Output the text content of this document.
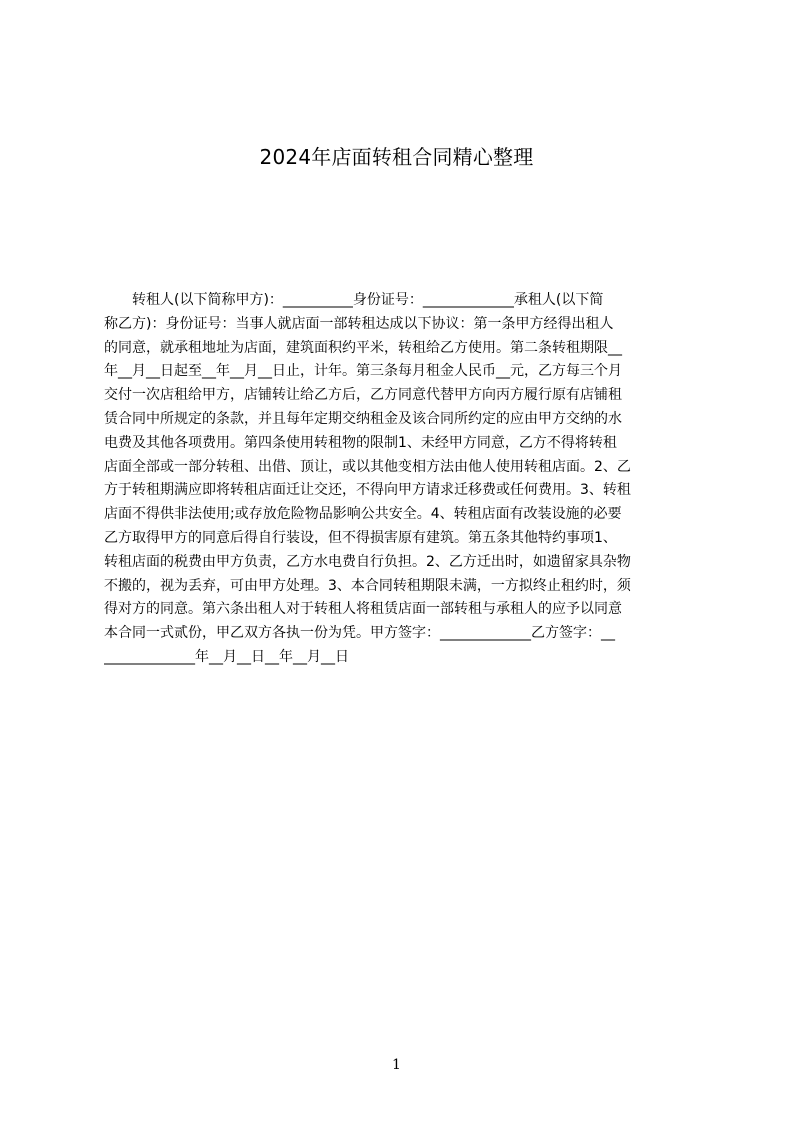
2024年店面转租合同精心整理
　　转租人(以下简称甲方)：__________身份证号：_____________承租人(以下简
称乙方)：身份证号：当事人就店面一部转租达成以下协议：第一条甲方经得出租人
的同意，就承租地址为店面，建筑面积约平米，转租给乙方使用。第二条转租期限__
年__月__日起至__年__月__日止，计年。第三条每月租金人民币__元，乙方每三个月
交付一次店租给甲方，店铺转让给乙方后，乙方同意代替甲方向丙方履行原有店铺租
赁合同中所规定的条款，并且每年定期交纳租金及该合同所约定的应由甲方交纳的水
电费及其他各项费用。第四条使用转租物的限制1、未经甲方同意，乙方不得将转租
店面全部或一部分转租、出借、顶让，或以其他变相方法由他人使用转租店面。2、乙
方于转租期满应即将转租店面迁让交还，不得向甲方请求迁移费或任何费用。3、转租
店面不得供非法使用;或存放危险物品影响公共安全。4、转租店面有改装设施的必要
乙方取得甲方的同意后得自行装设，但不得损害原有建筑。第五条其他特约事项1、
转租店面的税费由甲方负责，乙方水电费自行负担。2、乙方迁出时，如遗留家具杂物
不搬的，视为丢弃，可由甲方处理。3、本合同转租期限未满，一方拟终止租约时，须
得对方的同意。第六条出租人对于转租人将租赁店面一部转租与承租人的应予以同意
本合同一式贰份，甲乙双方各执一份为凭。甲方签字：_____________乙方签字：__
_____________年__月__日__年__月__日
1
